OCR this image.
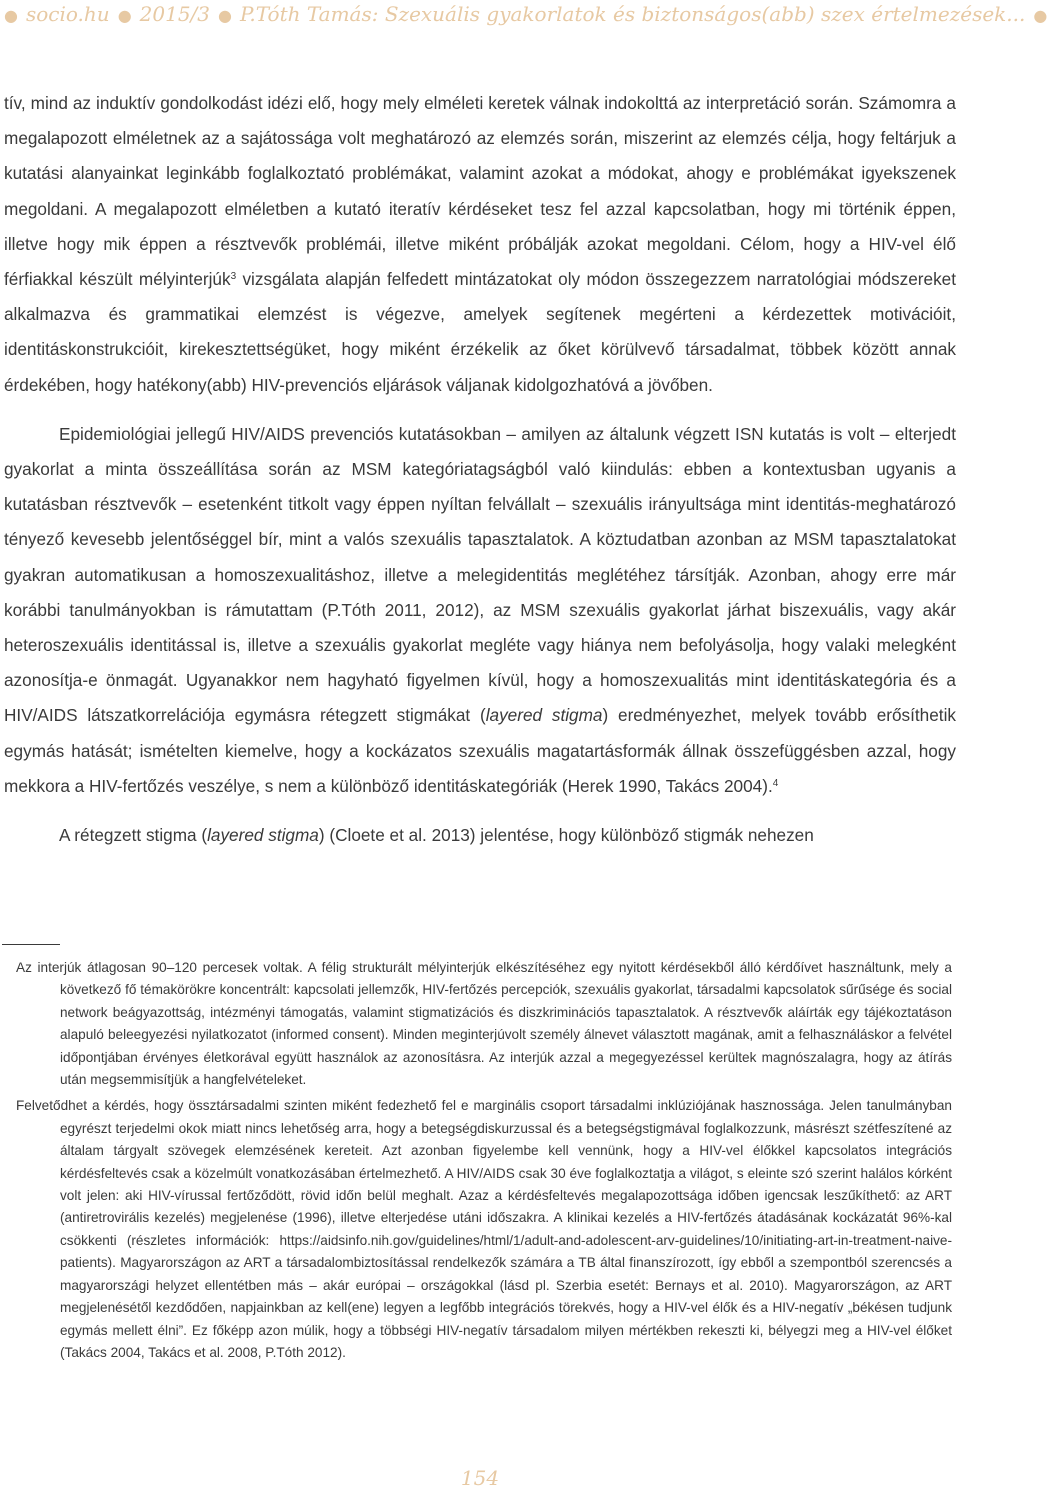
● socio.hu ● 2015/3 ● P.Tóth Tamás: Szexuális gyakorlatok és biztonságos(abb) szex értelmezések... ●

tív, mind az induktív gondolkodást idézi elő, hogy mely elméleti keretek válnak indokolttá az interpretáció során. Számomra a megalapozott elméletnek az a sajátossága volt meghatározó az elemzés során, miszerint az elemzés célja, hogy feltárjuk a kutatási alanyainkat leginkább foglalkoztató problémákat, valamint azokat a módokat, ahogy e problémákat igyekszenek megoldani. A megalapozott elméletben a kutató iteratív kérdéseket tesz fel azzal kapcsolatban, hogy mi történik éppen, illetve hogy mik éppen a résztvevők problémái, illetve miként próbálják azokat megoldani. Célom, hogy a HIV-vel élő férfiakkal készült mélyinterjúk$^3$ vizsgálata alapján felfedett mintázatokat oly módon összegezzem narratológiai módszereket alkalmazva és grammatikai elemzést is végezve, amelyek segítenek megérteni a kérdezettek motivációit, identitáskonstrukcióit, kirekesztettségüket, hogy miként érzékelik az őket körülvevő társadalmat, többek között annak érdekében, hogy hatékony(abb) HIV-prevenciós eljárások váljanak kidolgozhatóvá a jövőben.

Epidemiológiai jellegű HIV/AIDS prevenciós kutatásokban – amilyen az általunk végzett ISN kutatás is volt – elterjedt gyakorlat a minta összeállítása során az MSM kategóriatagságból való kiindulás: ebben a kontextusban ugyanis a kutatásban résztvevők – esetenként titkolt vagy éppen nyíltan felvállalt – szexuális irányultsága mint identitás-meghatározó tényező kevesebb jelentőséggel bír, mint a valós szexuális tapasztalatok. A köztudatban azonban az MSM tapasztalatokat gyakran automatikusan a homoszexualitáshoz, illetve a melegidentitás meglétéhez társítják. Azonban, ahogy erre már korábbi tanulmányokban is rámutattam (P.Tóth 2011, 2012), az MSM szexuális gyakorlat járhat biszexuális, vagy akár heteroszexuális identitással is, illetve a szexuális gyakorlat megléte vagy hiánya nem befolyásolja, hogy valaki melegként azonosítja-e önmagát. Ugyanakkor nem hagyható figyelmen kívül, hogy a homoszexualitás mint identitáskategória és a HIV/AIDS látszatkorrelációja egymásra rétegzett stigmákat (layered stigma) eredményezhet, melyek tovább erősíthetik egymás hatását; ismételten kiemelve, hogy a kockázatos szexuális magatartásformák állnak összefüggésben azzal, hogy mekkora a HIV-fertőzés veszélye, s nem a különböző identitáskategóriák (Herek 1990, Takács 2004).$^4$

A rétegzett stigma (layered stigma) (Cloete et al. 2013) jelentése, hogy különböző stigmák nehezen

Az interjúk átlagosan 90–120 percesek voltak. A félig strukturált mélyinterjúk elkészítéséhez egy nyitott kérdésekből álló kérdőívet használtunk, mely a következő fő témakörökre koncentrált: kapcsolati jellemzők, HIV-fertőzés percepciók, szexuális gyakorlat, társadalmi kapcsolatok sűrűsége és social network beágyazottság, intézményi támogatás, valamint stigmatizációs és diszkriminációs tapasztalatok. A résztvevők aláírták egy tájékoztatáson alapuló beleegyezési nyilatkozatot (informed consent). Minden meginterjúvolt személy álnevet választott magának, amit a felhasználáskor a felvétel időpontjában érvényes életkorával együtt használok az azonosításra. Az interjúk azzal a megegyezéssel kerültek magnószalagra, hogy az átírás után megsemmisítjük a hangfelvételeket.

Felvetődhet a kérdés, hogy össztársadalmi szinten miként fedezhető fel e marginális csoport társadalmi inklúziójának hasznossága. Jelen tanulmányban egyrészt terjedelmi okok miatt nincs lehetőség arra, hogy a betegségdiskurzussal és a betegségstigmával foglalkozzunk, másrészt szétfeszítené az általam tárgyalt szövegek elemzésének kereteit. Azt azonban figyelembe kell vennünk, hogy a HIV-vel élőkkel kapcsolatos integrációs kérdésfeltevés csak a közelmúlt vonatkozásában értelmezhető. A HIV/AIDS csak 30 éve foglalkoztatja a világot, s eleinte szó szerint halálos kórként volt jelen: aki HIV-vírussal fertőződött, rövid időn belül meghalt. Azaz a kérdésfeltevés megalapozottsága időben igencsak leszűkíthető: az ART (antiretrovirális kezelés) megjelenése (1996), illetve elterjedése utáni időszakra. A klinikai kezelés a HIV-fertőzés átadásának kockázatát 96%-kal csökkenti (részletes információk: https://aidsinfo.nih.gov/guidelines/html/1/adult-and-adolescent-arv-guidelines/10/initiating-art-in-treatment-naive-patients). Magyarországon az ART a társadalombiztosítással rendelkezők számára a TB által finanszírozott, így ebből a szempontból szerencsés a magyarországi helyzet ellentétben más – akár európai – országokkal (lásd pl. Szerbia esetét: Bernays et al. 2010). Magyarországon, az ART megjelenésétől kezdődően, napjainkban az kell(ene) legyen a legfőbb integrációs törekvés, hogy a HIV-vel élők és a HIV-negatív „békésen tudjunk egymás mellett élni”. Ez főképp azon múlik, hogy a többségi HIV-negatív társadalom milyen mértékben rekeszti ki, bélyegzi meg a HIV-vel élőket (Takács 2004, Takács et al. 2008, P.Tóth 2012).

154
